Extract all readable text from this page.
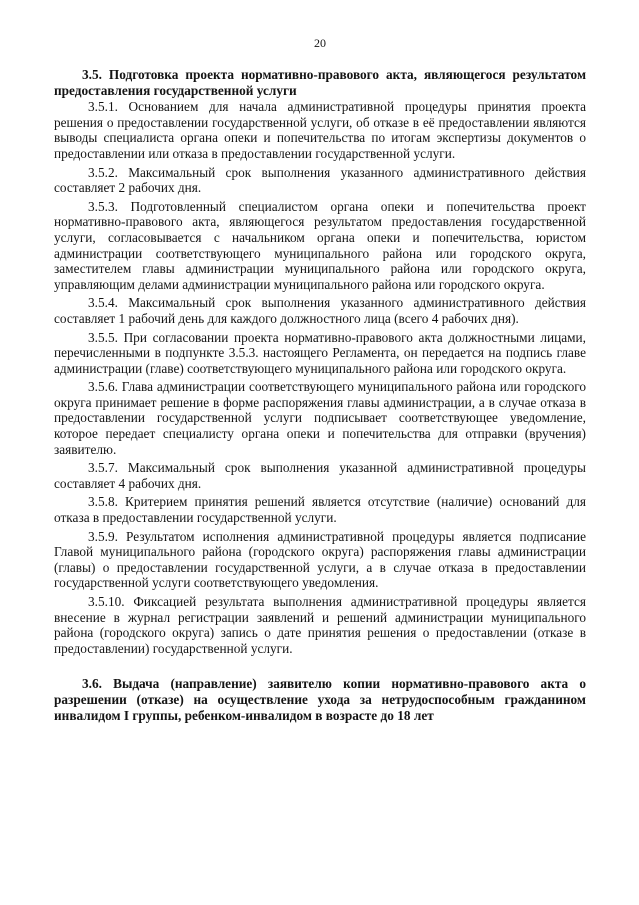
20

3.5. Подготовка проекта нормативно-правового акта, являющегося результатом предоставления государственной услуги

3.5.1. Основанием для начала административной процедуры принятия проекта решения о предоставлении государственной услуги, об отказе в её предоставлении являются выводы специалиста органа опеки и попечительства по итогам экспертизы документов о предоставлении или отказа в предоставлении государственной услуги.

3.5.2. Максимальный срок выполнения указанного административного действия составляет 2 рабочих дня.

3.5.3. Подготовленный специалистом органа опеки и попечительства проект нормативно-правового акта, являющегося результатом предоставления государственной услуги, согласовывается с начальником органа опеки и попечительства, юристом администрации соответствующего муниципального района или городского округа, заместителем главы администрации муниципального района или городского округа, управляющим делами администрации муниципального района или городского округа.

3.5.4. Максимальный срок выполнения указанного административного действия составляет 1 рабочий день для каждого должностного лица (всего 4 рабочих дня).

3.5.5. При согласовании проекта нормативно-правового акта должностными лицами, перечисленными в подпункте 3.5.3. настоящего Регламента, он передается на подпись главе администрации (главе) соответствующего муниципального района или городского округа.

3.5.6. Глава администрации соответствующего муниципального района или городского округа принимает решение в форме распоряжения главы администрации, а в случае отказа в предоставлении государственной услуги подписывает соответствующее уведомление, которое передает специалисту органа опеки и попечительства для отправки (вручения) заявителю.

3.5.7. Максимальный срок выполнения указанной административной процедуры составляет 4 рабочих дня.

3.5.8. Критерием принятия решений является отсутствие (наличие) оснований для отказа в предоставлении государственной услуги.

3.5.9. Результатом исполнения административной процедуры является подписание Главой муниципального района (городского округа) распоряжения главы администрации (главы) о предоставлении государственной услуги, а в случае отказа в предоставлении государственной услуги соответствующего уведомления.

3.5.10. Фиксацией результата выполнения административной процедуры является внесение в журнал регистрации заявлений и решений администрации муниципального района (городского округа) запись о дате принятия решения о предоставлении (отказе в предоставлении) государственной услуги.

3.6. Выдача (направление) заявителю копии нормативно-правового акта о разрешении (отказе) на осуществление ухода за нетрудоспособным гражданином инвалидом I группы, ребенком-инвалидом в возрасте до 18 лет
